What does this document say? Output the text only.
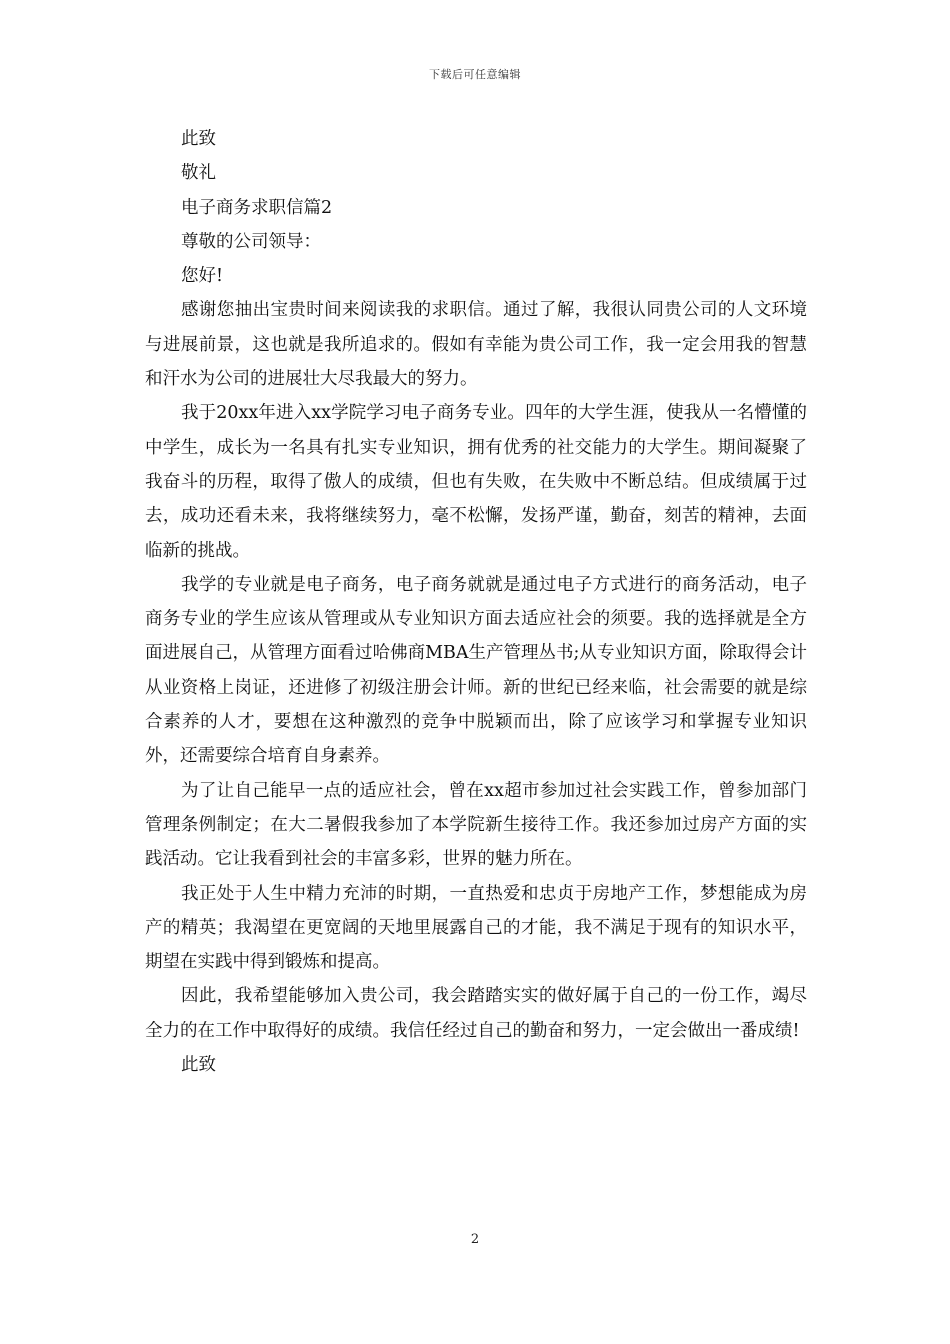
下载后可任意编辑

此致

敬礼

电子商务求职信篇2

尊敬的公司领导：

您好!

感谢您抽出宝贵时间来阅读我的求职信。通过了解，我很认同贵公司的人文环境与进展前景，这也就是我所追求的。假如有幸能为贵公司工作，我一定会用我的智慧和汗水为公司的进展壮大尽我最大的努力。

我于20xx年进入xx学院学习电子商务专业。四年的大学生涯，使我从一名懵懂的中学生，成长为一名具有扎实专业知识，拥有优秀的社交能力的大学生。期间凝聚了我奋斗的历程，取得了傲人的成绩，但也有失败，在失败中不断总结。但成绩属于过去，成功还看未来，我将继续努力，毫不松懈，发扬严谨，勤奋，刻苦的精神，去面临新的挑战。

我学的专业就是电子商务，电子商务就就是通过电子方式进行的商务活动，电子商务专业的学生应该从管理或从专业知识方面去适应社会的须要。我的选择就是全方面进展自己，从管理方面看过哈佛商MBA生产管理丛书;从专业知识方面，除取得会计从业资格上岗证，还进修了初级注册会计师。新的世纪已经来临，社会需要的就是综合素养的人才，要想在这种激烈的竞争中脱颖而出，除了应该学习和掌握专业知识外，还需要综合培育自身素养。

为了让自己能早一点的适应社会，曾在xx超市参加过社会实践工作，曾参加部门管理条例制定；在大二暑假我参加了本学院新生接待工作。我还参加过房产方面的实践活动。它让我看到社会的丰富多彩，世界的魅力所在。

我正处于人生中精力充沛的时期，一直热爱和忠贞于房地产工作，梦想能成为房产的精英；我渴望在更宽阔的天地里展露自己的才能，我不满足于现有的知识水平，期望在实践中得到锻炼和提高。

因此，我希望能够加入贵公司，我会踏踏实实的做好属于自己的一份工作，竭尽全力的在工作中取得好的成绩。我信任经过自己的勤奋和努力，一定会做出一番成绩!

此致

2
